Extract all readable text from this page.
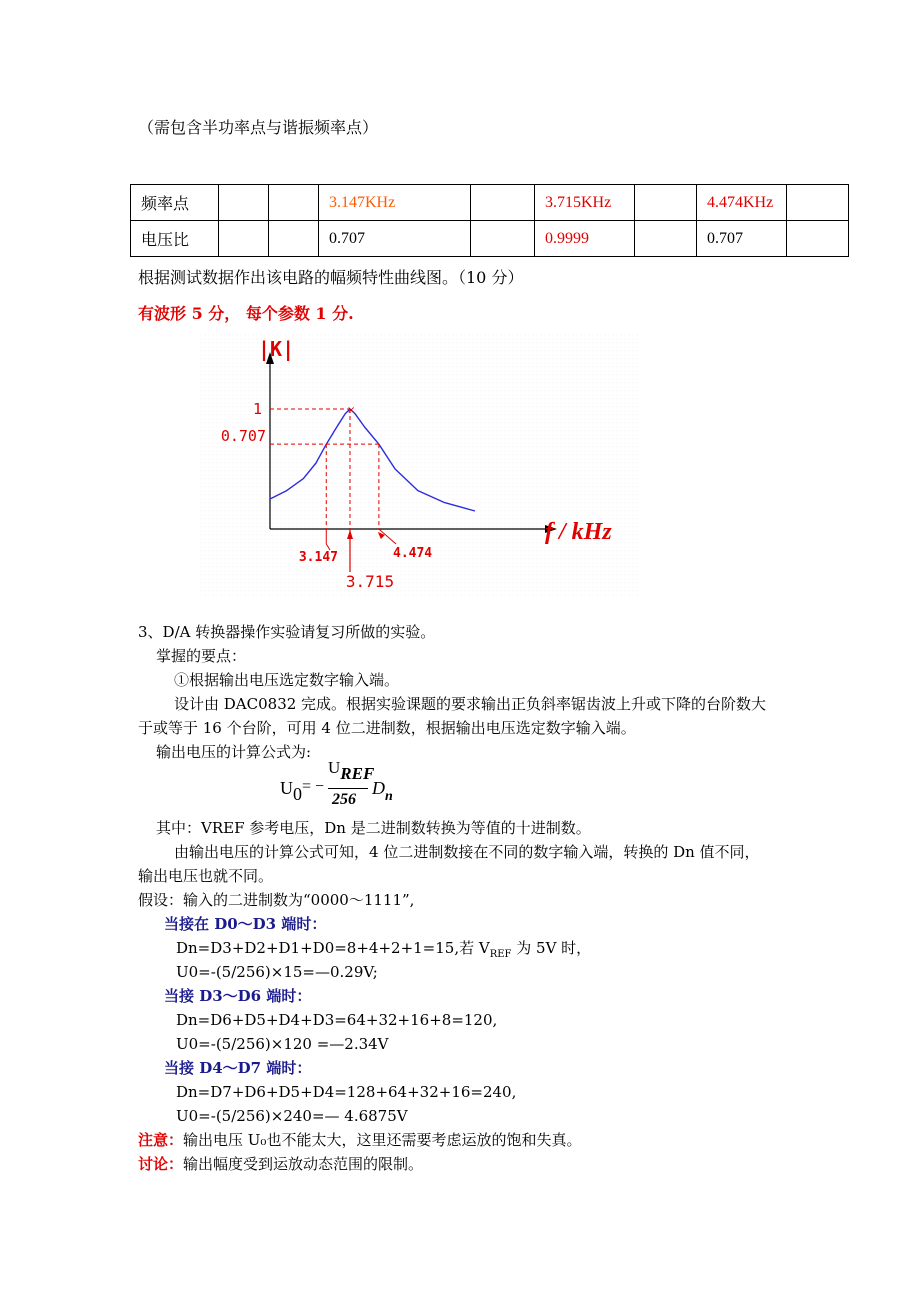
（需包含半功率点与谐振频率点）
频率点			3.147KHz		3.715KHz		4.474KHz	
电压比			0.707		0.9999		0.707	
根据测试数据作出该电路的幅频特性曲线图。（10 分）
有波形 5 分， 每个参数 1 分.
|K|
f / kHz
1
0.707
×
3.147
3.715
4.474
3、D/A 转换器操作实验请复习所做的实验。
掌握的要点：
①根据输出电压选定数字输入端。
设计由 DAC0832 完成。根据实验课题的要求输出正负斜率锯齿波上升或下降的台阶数大
于或等于 16 个台阶，可用 4 位二进制数，根据输出电压选定数字输入端。
输出电压的计算公式为:
$U_0$ = −
UREF
256
$D_n$
其中：VREF 参考电压，Dn 是二进制数转换为等值的十进制数。
由输出电压的计算公式可知，4 位二进制数接在不同的数字输入端，转换的 Dn 值不同，
输出电压也就不同。
假设：输入的二进制数为“0000～1111”,
当接在 D0～D3 端时：
Dn=D3+D2+D1+D0=8+4+2+1=15,若 $V_{REF}$ 为 5V 时，
U0=-(5/256)×15=—0.29V;
当接 D3～D6 端时：
Dn=D6+D5+D4+D3=64+32+16+8=120,
U0=-(5/256)×120 =—2.34V
当接 D4～D7 端时：
Dn=D7+D6+D5+D4=128+64+32+16=240,
U0=-(5/256)×240=— 4.6875V
注意：输出电压 U₀也不能太大，这里还需要考虑运放的饱和失真。
讨论：输出幅度受到运放动态范围的限制。
